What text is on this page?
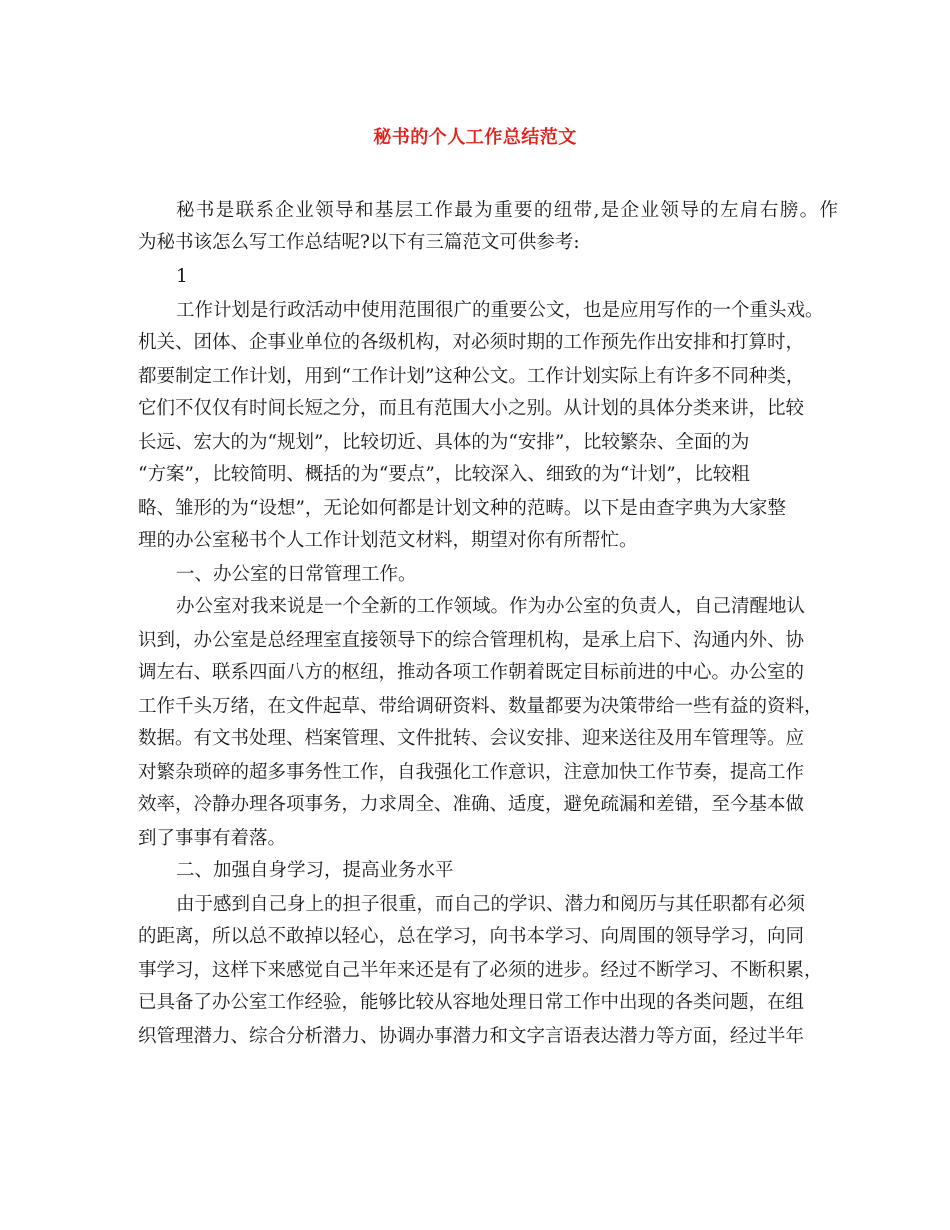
秘书的个人工作总结范文
秘书是联系企业领导和基层工作最为重要的纽带,是企业领导的左肩右膀。作
为秘书该怎么写工作总结呢?以下有三篇范文可供参考:
1
工作计划是行政活动中使用范围很广的重要公文，也是应用写作的一个重头戏。
机关、团体、企事业单位的各级机构，对必须时期的工作预先作出安排和打算时，
都要制定工作计划，用到“工作计划”这种公文。工作计划实际上有许多不同种类，
它们不仅仅有时间长短之分，而且有范围大小之别。从计划的具体分类来讲，比较
长远、宏大的为“规划”，比较切近、具体的为“安排”，比较繁杂、全面的为
“方案”，比较简明、概括的为“要点”，比较深入、细致的为“计划”，比较粗
略、雏形的为“设想”，无论如何都是计划文种的范畴。以下是由查字典为大家整
理的办公室秘书个人工作计划范文材料，期望对你有所帮忙。
一、办公室的日常管理工作。
办公室对我来说是一个全新的工作领域。作为办公室的负责人，自己清醒地认
识到，办公室是总经理室直接领导下的综合管理机构，是承上启下、沟通内外、协
调左右、联系四面八方的枢纽，推动各项工作朝着既定目标前进的中心。办公室的
工作千头万绪，在文件起草、带给调研资料、数量都要为决策带给一些有益的资料，
数据。有文书处理、档案管理、文件批转、会议安排、迎来送往及用车管理等。应
对繁杂琐碎的超多事务性工作，自我强化工作意识，注意加快工作节奏，提高工作
效率，冷静办理各项事务，力求周全、准确、适度，避免疏漏和差错，至今基本做
到了事事有着落。
二、加强自身学习，提高业务水平
由于感到自己身上的担子很重，而自己的学识、潜力和阅历与其任职都有必须
的距离，所以总不敢掉以轻心，总在学习，向书本学习、向周围的领导学习，向同
事学习，这样下来感觉自己半年来还是有了必须的进步。经过不断学习、不断积累，
已具备了办公室工作经验，能够比较从容地处理日常工作中出现的各类问题，在组
织管理潜力、综合分析潜力、协调办事潜力和文字言语表达潜力等方面，经过半年
